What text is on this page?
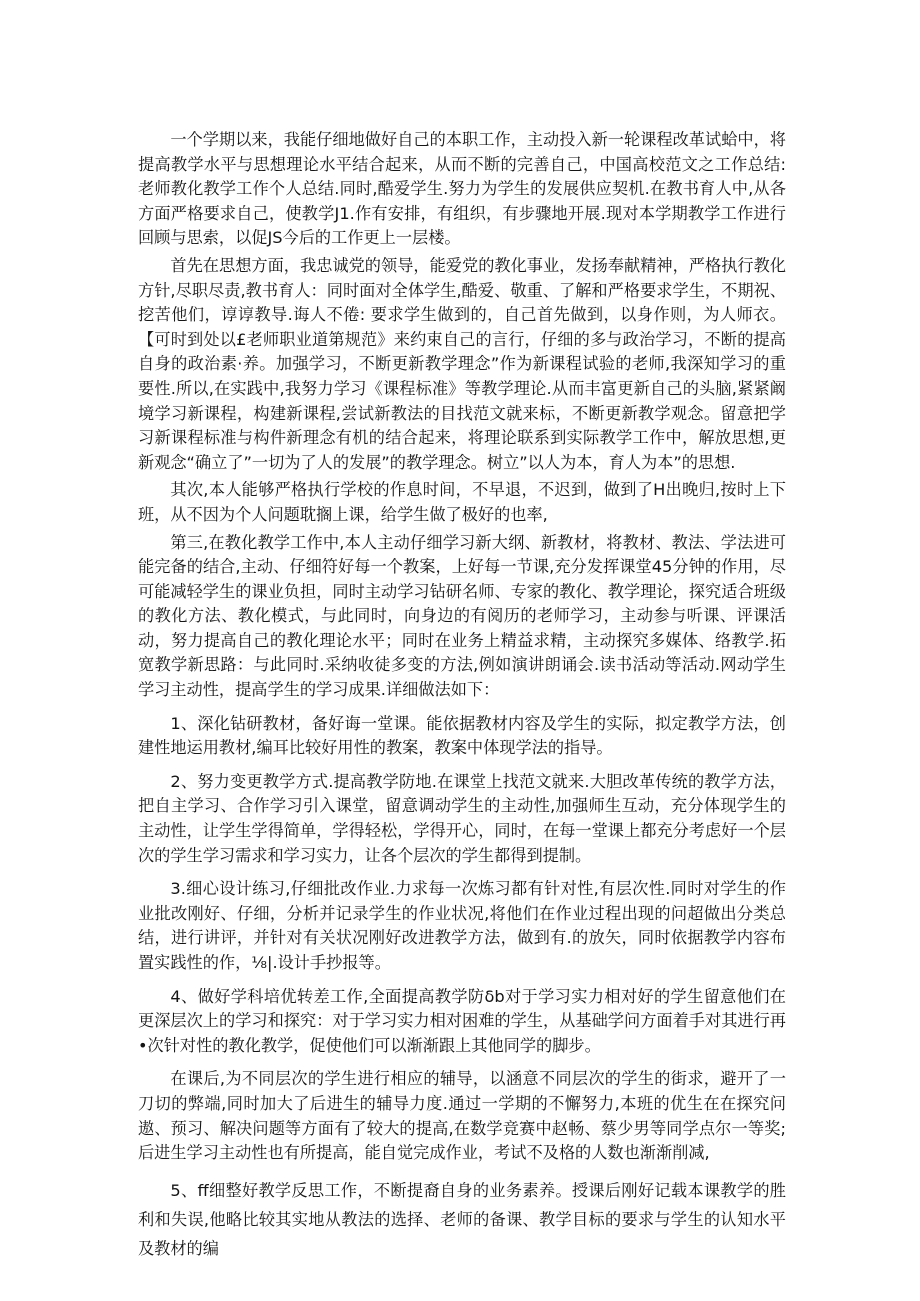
一个学期以来，我能仔细地做好自己的本职工作，主动投入新一轮课程改革试蛤中，将提高教学水平与思想理论水平结合起来，从而不断的完善自己，中国高校范文之工作总结:老师教化教学工作个人总结.同时,酷爱学生.努力为学生的发展供应契机.在教书育人中,从各方面严格要求自己，使教学J1.作有安排，有组织，有步骤地开展.现对本学期教学工作进行回顾与思索，以促JS今后的工作更上一层楼。

首先在思想方面，我忠诚党的领导，能爱党的教化事业，发扬奉献精神，严格执行教化方针,尽职尽责,教书育人：同时面对全体学生,酷爱、敬重、了解和严格要求学生，不期祝、挖苦他们，谆谆教导.诲人不倦: 要求学生做到的，自己首先做到，以身作则，为人师衣。【可时到处以£老师职业道第规范》来约束自己的言行，仔细的多与政治学习，不断的提高自身的政治素·养。加强学习，不断更新教学理念”作为新课程试验的老师,我深知学习的重要性.所以,在实践中,我努力学习《课程标准》等教学理论.从而丰富更新自己的头脑,紧紧阚境学习新课程，构建新课程,尝试新教法的目找范文就来标，不断更新教学观念。留意把学习新课程标准与构件新理念有机的结合起来，将理论联系到实际教学工作中，解放思想,更新观念“确立了”一切为了人的发展”的教学理念。树立”以人为本，育人为本”的思想.

其次,本人能够严格执行学校的作息时间，不早退，不迟到，做到了H出晚归,按时上下班，从不因为个人问题耽搁上课，给学生做了极好的也率,

第三,在教化教学工作中,本人主动仔细学习新大纲、新教材，将教材、教法、学法进可能完备的结合,主动、仔细符好每一个教案，上好每一节课,充分发挥课堂45分钟的作用，尽可能减轻学生的课业负担，同时主动学习钻研名师、专家的教化、教学理论，探究适合班级的教化方法、教化模式，与此同时，向身边的有阅历的老师学习，主动参与听课、评课活动，努力提高自己的教化理论水平；同时在业务上精益求精，主动探究多媒体、络教学.拓宽教学新思路：与此同时.采纳收徒多变的方法,例如演讲朗诵会.读书活动等活动.网动学生学习主动性，提高学生的学习成果.详细做法如下：

1、深化钻研教材，备好诲一堂课。能依据教材内容及学生的实际，拟定教学方法，创建性地运用教材,编耳比较好用性的教案，教案中体现学法的指导。

2、努力变更教学方式.提高教学防地.在课堂上找范文就来.大胆改革传统的教学方法，把自主学习、合作学习引入课堂，留意调动学生的主动性,加强师生互动，充分体现学生的主动性，让学生学得简单，学得轻松，学得开心，同时，在每一堂课上都充分考虑好一个层次的学生学习需求和学习实力，让各个层次的学生都得到提制。

3.细心设计练习,仔细批改作业.力求每一次炼习都有针对性,有层次性.同时对学生的作业批改刚好、仔细，分析并记录学生的作业状况,将他们在作业过程出现的问超做出分类总结，进行讲评，并针对有关状况刚好改进教学方法，做到有.的放矢，同时依据教学内容布置实践性的作，⅛|.设计手抄报等。

4、做好学科培优转差工作,全面提高教学防δb对于学习实力相对好的学生留意他们在更深层次上的学习和探究：对于学习实力相对困难的学生，从基础学问方面着手对其进行再•次针对性的教化教学，促使他们可以渐渐跟上其他同学的脚步。

在课后,为不同层次的学生进行相应的辅导，以涵意不同层次的学生的街求，避开了一刀切的弊端,同时加大了后进生的辅导力度.通过一学期的不懈努力,本班的优生在在探究问遨、预习、解决问题等方面有了较大的提高,在数学竞赛中赵畅、蔡少男等同学点尔一等奖; 后进生学习主动性也有所提高，能自觉完成作业，考试不及格的人数也渐渐削减,

5、ff细整好教学反思工作，不断提裔自身的业务素养。授课后刚好记载本课教学的胜利和失误,他略比较其实地从教法的选择、老师的备课、教学目标的要求与学生的认知水平及教材的编
